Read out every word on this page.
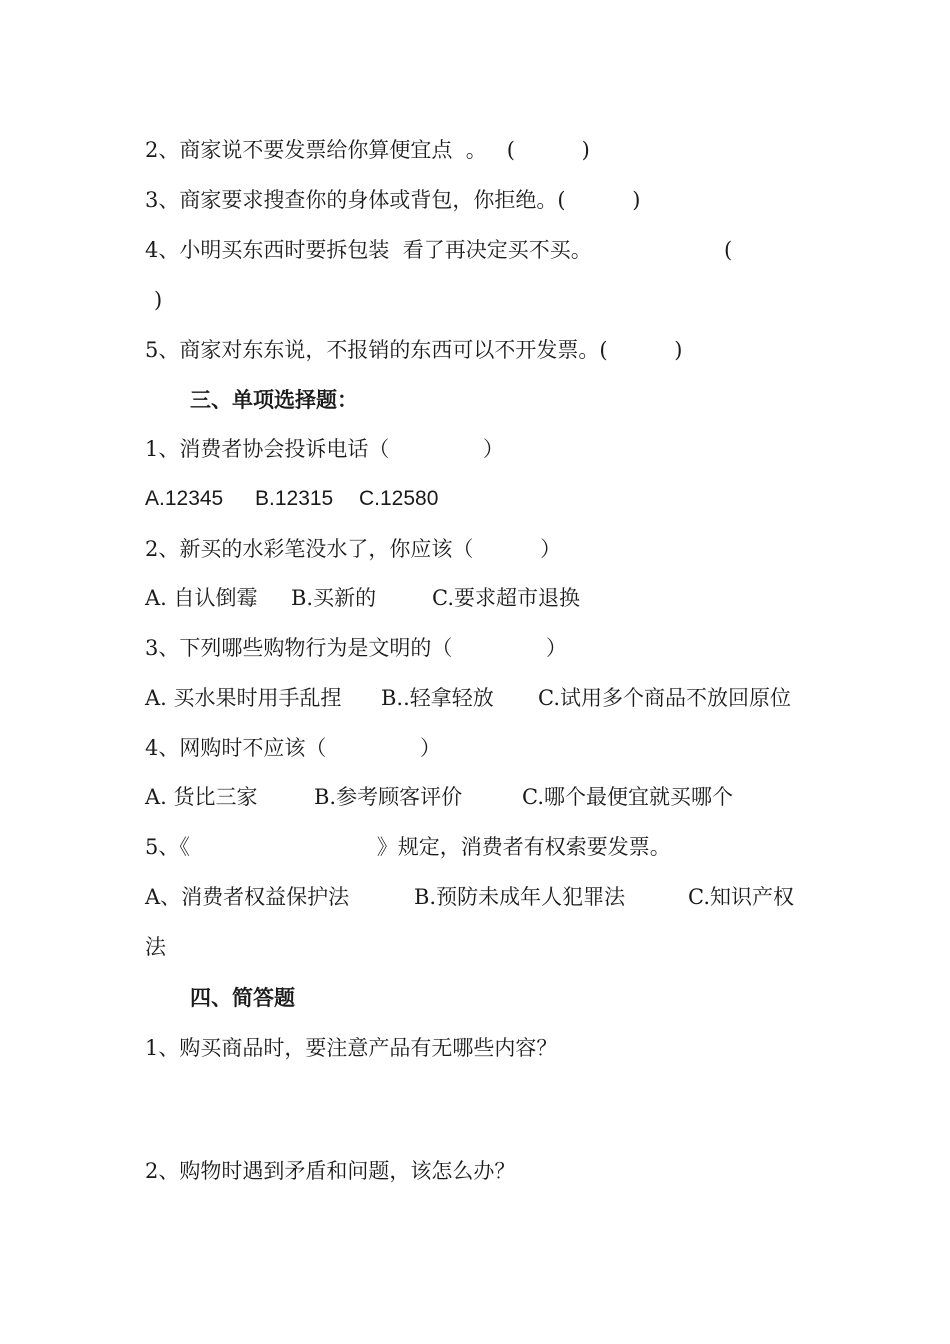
2、商家说不要发票给你算便宜点  。   (          )
3、商家要求搜查你的身体或背包，你拒绝。(          )
4、小明买东西时要拆包装  看了再决定买不买。	(
)
5、商家对东东说，不报销的东西可以不开发票。(          )
三、单项选择题：
1、消费者协会投诉电话（              ）
A.12345 B.12315 C.12580
2、新买的水彩笔没水了，你应该（          ）
A. 自认倒霉 B.买新的	C.要求超市退换
3、下列哪些购物行为是文明的（              ）
A. 买水果时用手乱捏 B..轻拿轻放 C.试用多个商品不放回原位
4、网购时不应该（              ）
A. 货比三家	B.参考顾客评价	C.哪个最便宜就买哪个
5、《                            》规定，消费者有权索要发票。
A、消费者权益保护法	B.预防未成年人犯罪法	C.知识产权
法
四、简答题
1、购买商品时，要注意产品有无哪些内容？
2、购物时遇到矛盾和问题，该怎么办？
